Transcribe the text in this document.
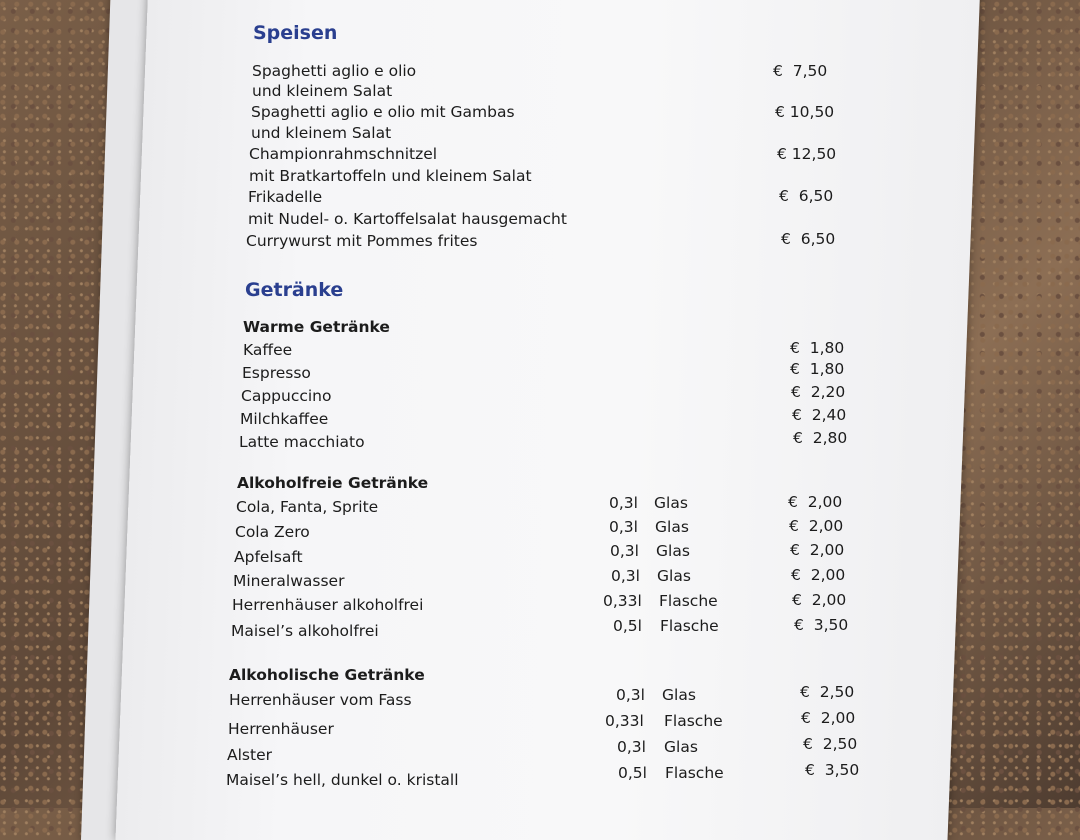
Speisen
Spaghetti aglio e olio
und kleinem Salat
€  7,50
Spaghetti aglio e olio mit Gambas
und kleinem Salat
€ 10,50
Championrahmschnitzel
mit Bratkartoffeln und kleinem Salat
€ 12,50
Frikadelle
mit Nudel- o. Kartoffelsalat hausgemacht
€  6,50
Currywurst mit Pommes frites	€  6,50
Getränke
Warme Getränke
Kaffee	€  1,80
Espresso	€  1,80
Cappuccino	€  2,20
Milchkaffee	€  2,40
Latte macchiato	€  2,80
Alkoholfreie Getränke
Cola, Fanta, Sprite	0,3l Glas	€  2,00
Cola Zero	0,3l Glas	€  2,00
Apfelsaft	0,3l Glas	€  2,00
Mineralwasser	0,3l Glas	€  2,00
Herrenhäuser alkoholfrei	0,33l Flasche	€  2,00
Maisel’s alkoholfrei	0,5l Flasche	€  3,50
Alkoholische Getränke
Herrenhäuser vom Fass	0,3l Glas	€  2,50
Herrenhäuser	0,33l Flasche	€  2,00
Alster	0,3l Glas	€  2,50
Maisel’s hell, dunkel o. kristall	0,5l Flasche	€  3,50
